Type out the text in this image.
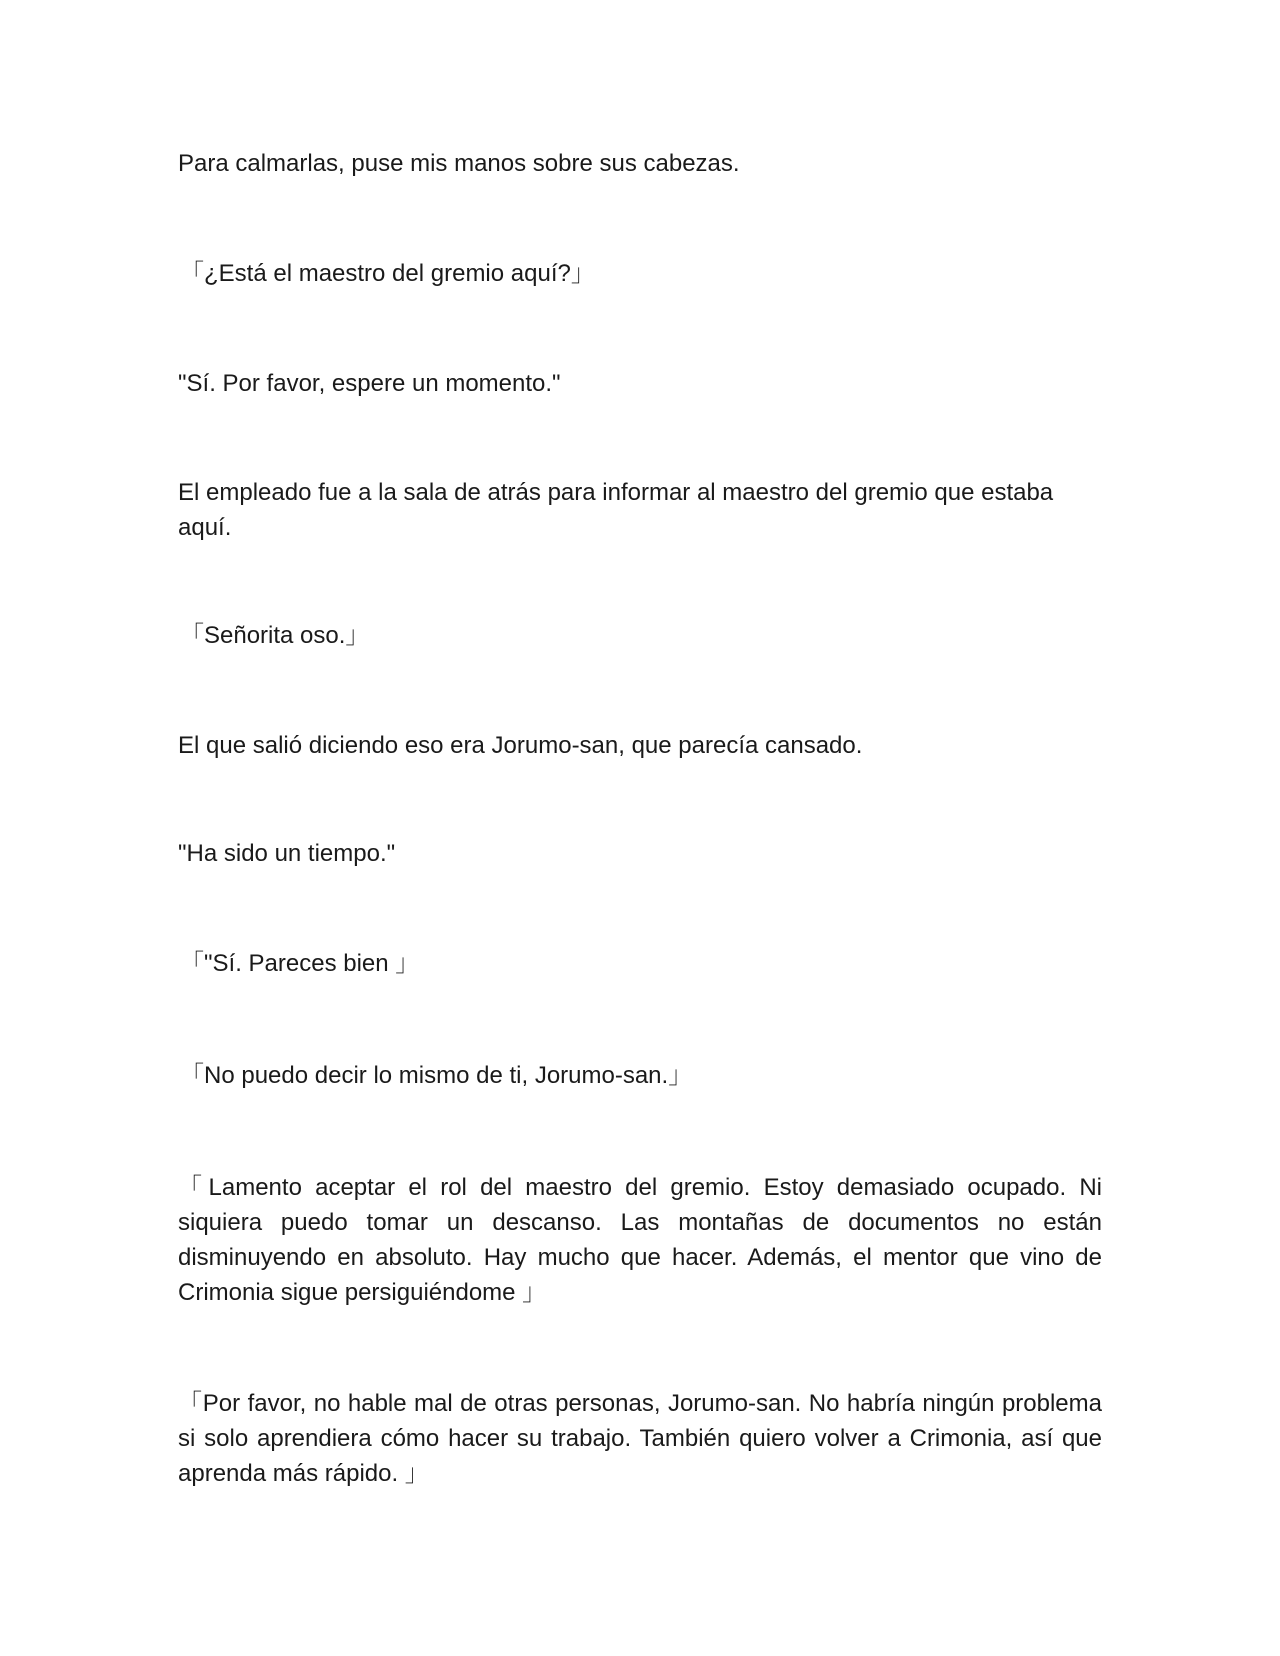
Para calmarlas, puse mis manos sobre sus cabezas.

「¿Está el maestro del gremio aquí?」

"Sí. Por favor, espere un momento."

El empleado fue a la sala de atrás para informar al maestro del gremio que estaba aquí.

「Señorita oso.」

El que salió diciendo eso era Jorumo-san, que parecía cansado.

"Ha sido un tiempo."

「"Sí. Pareces bien 」

「No puedo decir lo mismo de ti, Jorumo-san.」

「Lamento aceptar el rol del maestro del gremio. Estoy demasiado ocupado. Ni siquiera puedo tomar un descanso. Las montañas de documentos no están disminuyendo en absoluto. Hay mucho que hacer. Además, el mentor que vino de Crimonia sigue persiguiéndome 」

「Por favor, no hable mal de otras personas, Jorumo-san. No habría ningún problema si solo aprendiera cómo hacer su trabajo. También quiero volver a Crimonia, así que aprenda más rápido. 」
